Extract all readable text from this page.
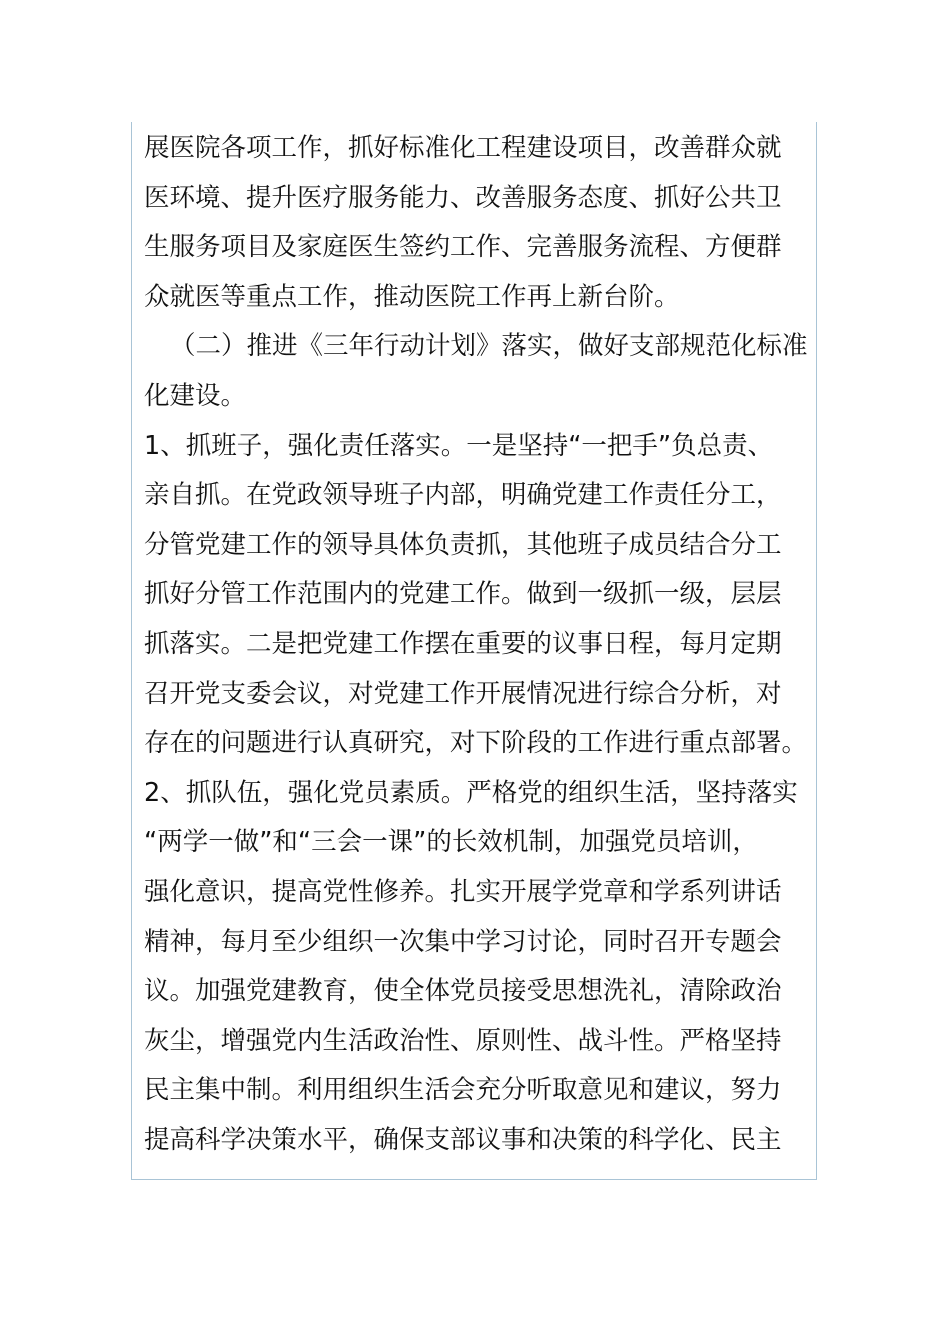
展医院各项工作，抓好标准化工程建设项目，改善群众就
医环境、提升医疗服务能力、改善服务态度、抓好公共卫
生服务项目及家庭医生签约工作、完善服务流程、方便群
众就医等重点工作，推动医院工作再上新台阶。
（二）推进《三年行动计划》落实，做好支部规范化标准
化建设。
1、抓班子，强化责任落实。一是坚持“一把手”负总责、
亲自抓。在党政领导班子内部，明确党建工作责任分工，
分管党建工作的领导具体负责抓，其他班子成员结合分工
抓好分管工作范围内的党建工作。做到一级抓一级，层层
抓落实。二是把党建工作摆在重要的议事日程，每月定期
召开党支委会议，对党建工作开展情况进行综合分析，对
存在的问题进行认真研究，对下阶段的工作进行重点部署。
2、抓队伍，强化党员素质。严格党的组织生活，坚持落实
“两学一做”和“三会一课”的长效机制，加强党员培训，
强化意识，提高党性修养。扎实开展学党章和学系列讲话
精神，每月至少组织一次集中学习讨论，同时召开专题会
议。加强党建教育，使全体党员接受思想洗礼，清除政治
灰尘，增强党内生活政治性、原则性、战斗性。严格坚持
民主集中制。利用组织生活会充分听取意见和建议，努力
提高科学决策水平，确保支部议事和决策的科学化、民主
